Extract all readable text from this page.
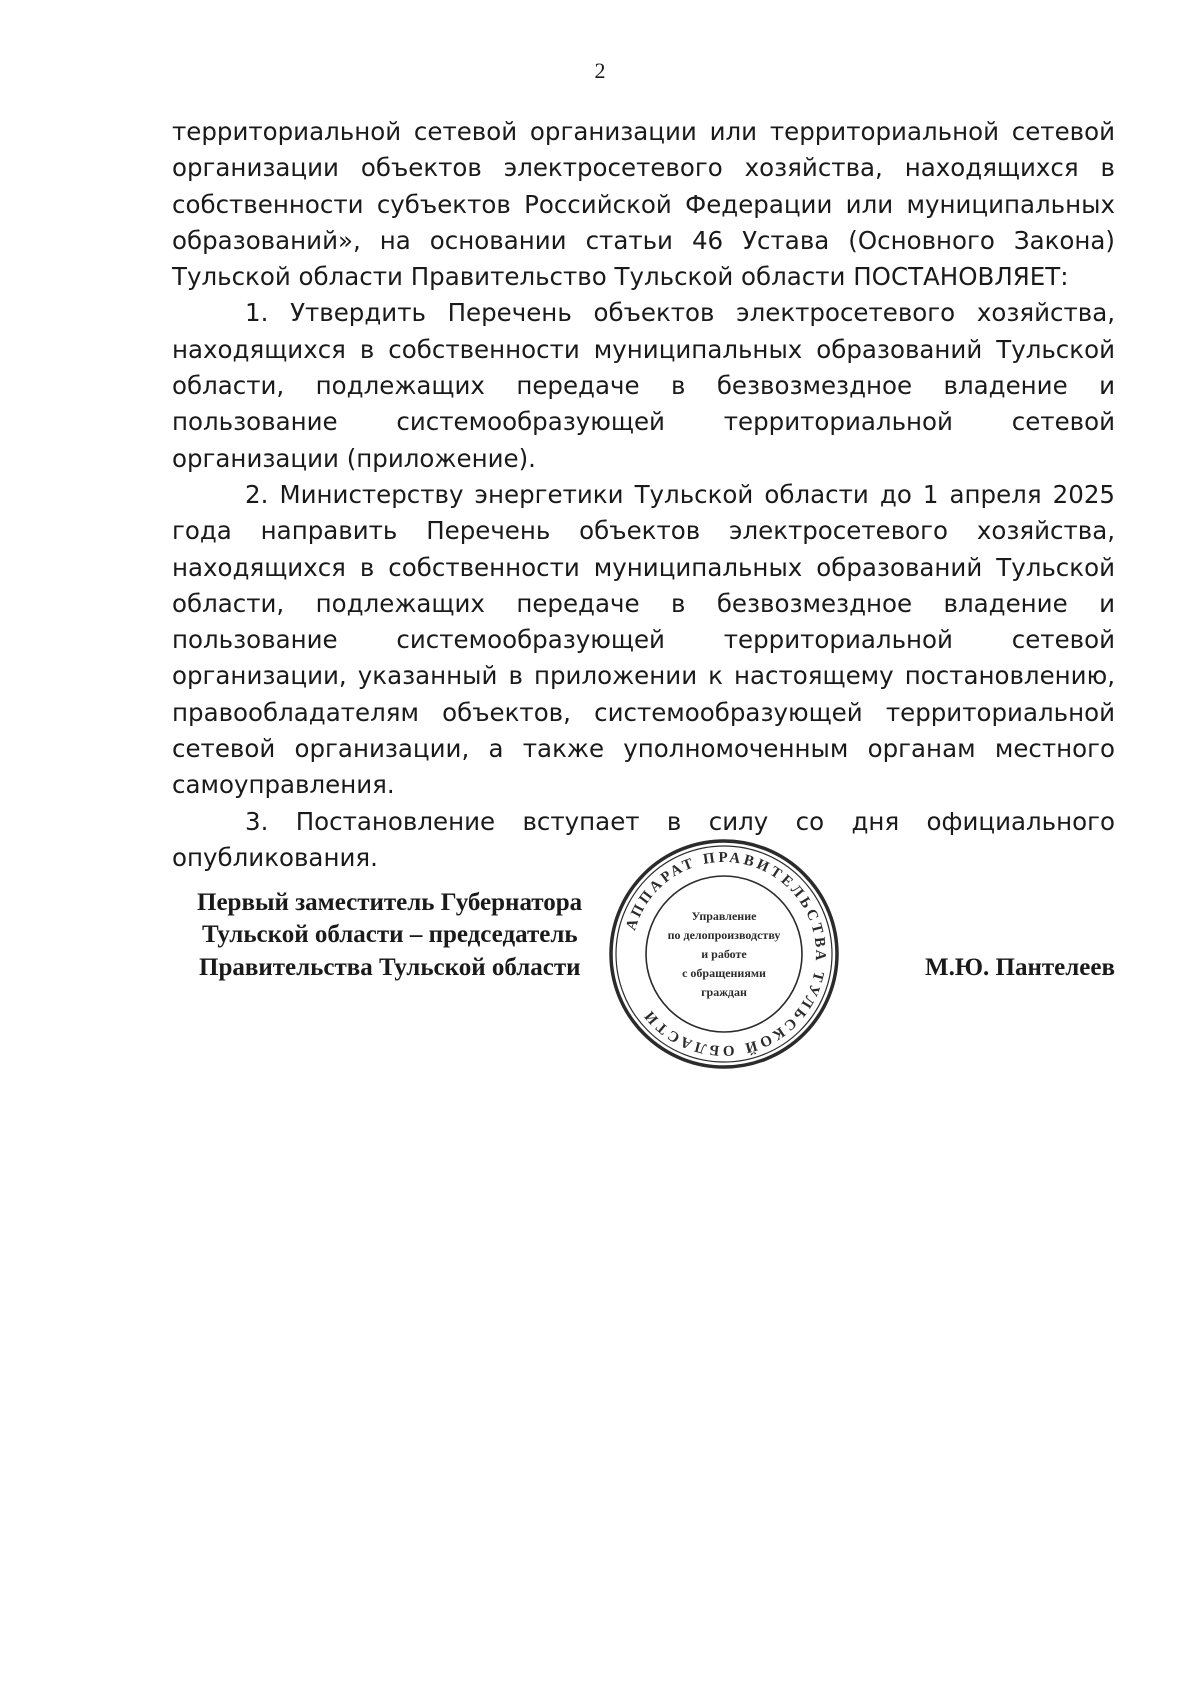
2

территориальной сетевой организации или территориальной сетевой организации объектов электросетевого хозяйства, находящихся в собственности субъектов Российской Федерации или муниципальных образований», на основании статьи 46 Устава (Основного Закона) Тульской области Правительство Тульской области ПОСТАНОВЛЯЕТ:

1. Утвердить Перечень объектов электросетевого хозяйства, находящихся в собственности муниципальных образований Тульской области, подлежащих передаче в безвозмездное владение и пользование системообразующей территориальной сетевой организации (приложение).

2. Министерству энергетики Тульской области до 1 апреля 2025 года направить Перечень объектов электросетевого хозяйства, находящихся в собственности муниципальных образований Тульской области, подлежащих передаче в безвозмездное владение и пользование системообразующей территориальной сетевой организации, указанный в приложении к настоящему постановлению, правообладателям объектов, системообразующей территориальной сетевой организации, а также уполномоченным органам местного самоуправления.

3. Постановление вступает в силу со дня официального опубликования.

Первый заместитель Губернатора
Тульской области – председатель
Правительства Тульской области	М.Ю. Пантелеев
АППАРАТ ПРАВИТЕЛЬСТВА ТУЛЬСКОЙ ОБЛАСТИ
Управление
по делопроизводству
и работе
с обращениями
граждан
